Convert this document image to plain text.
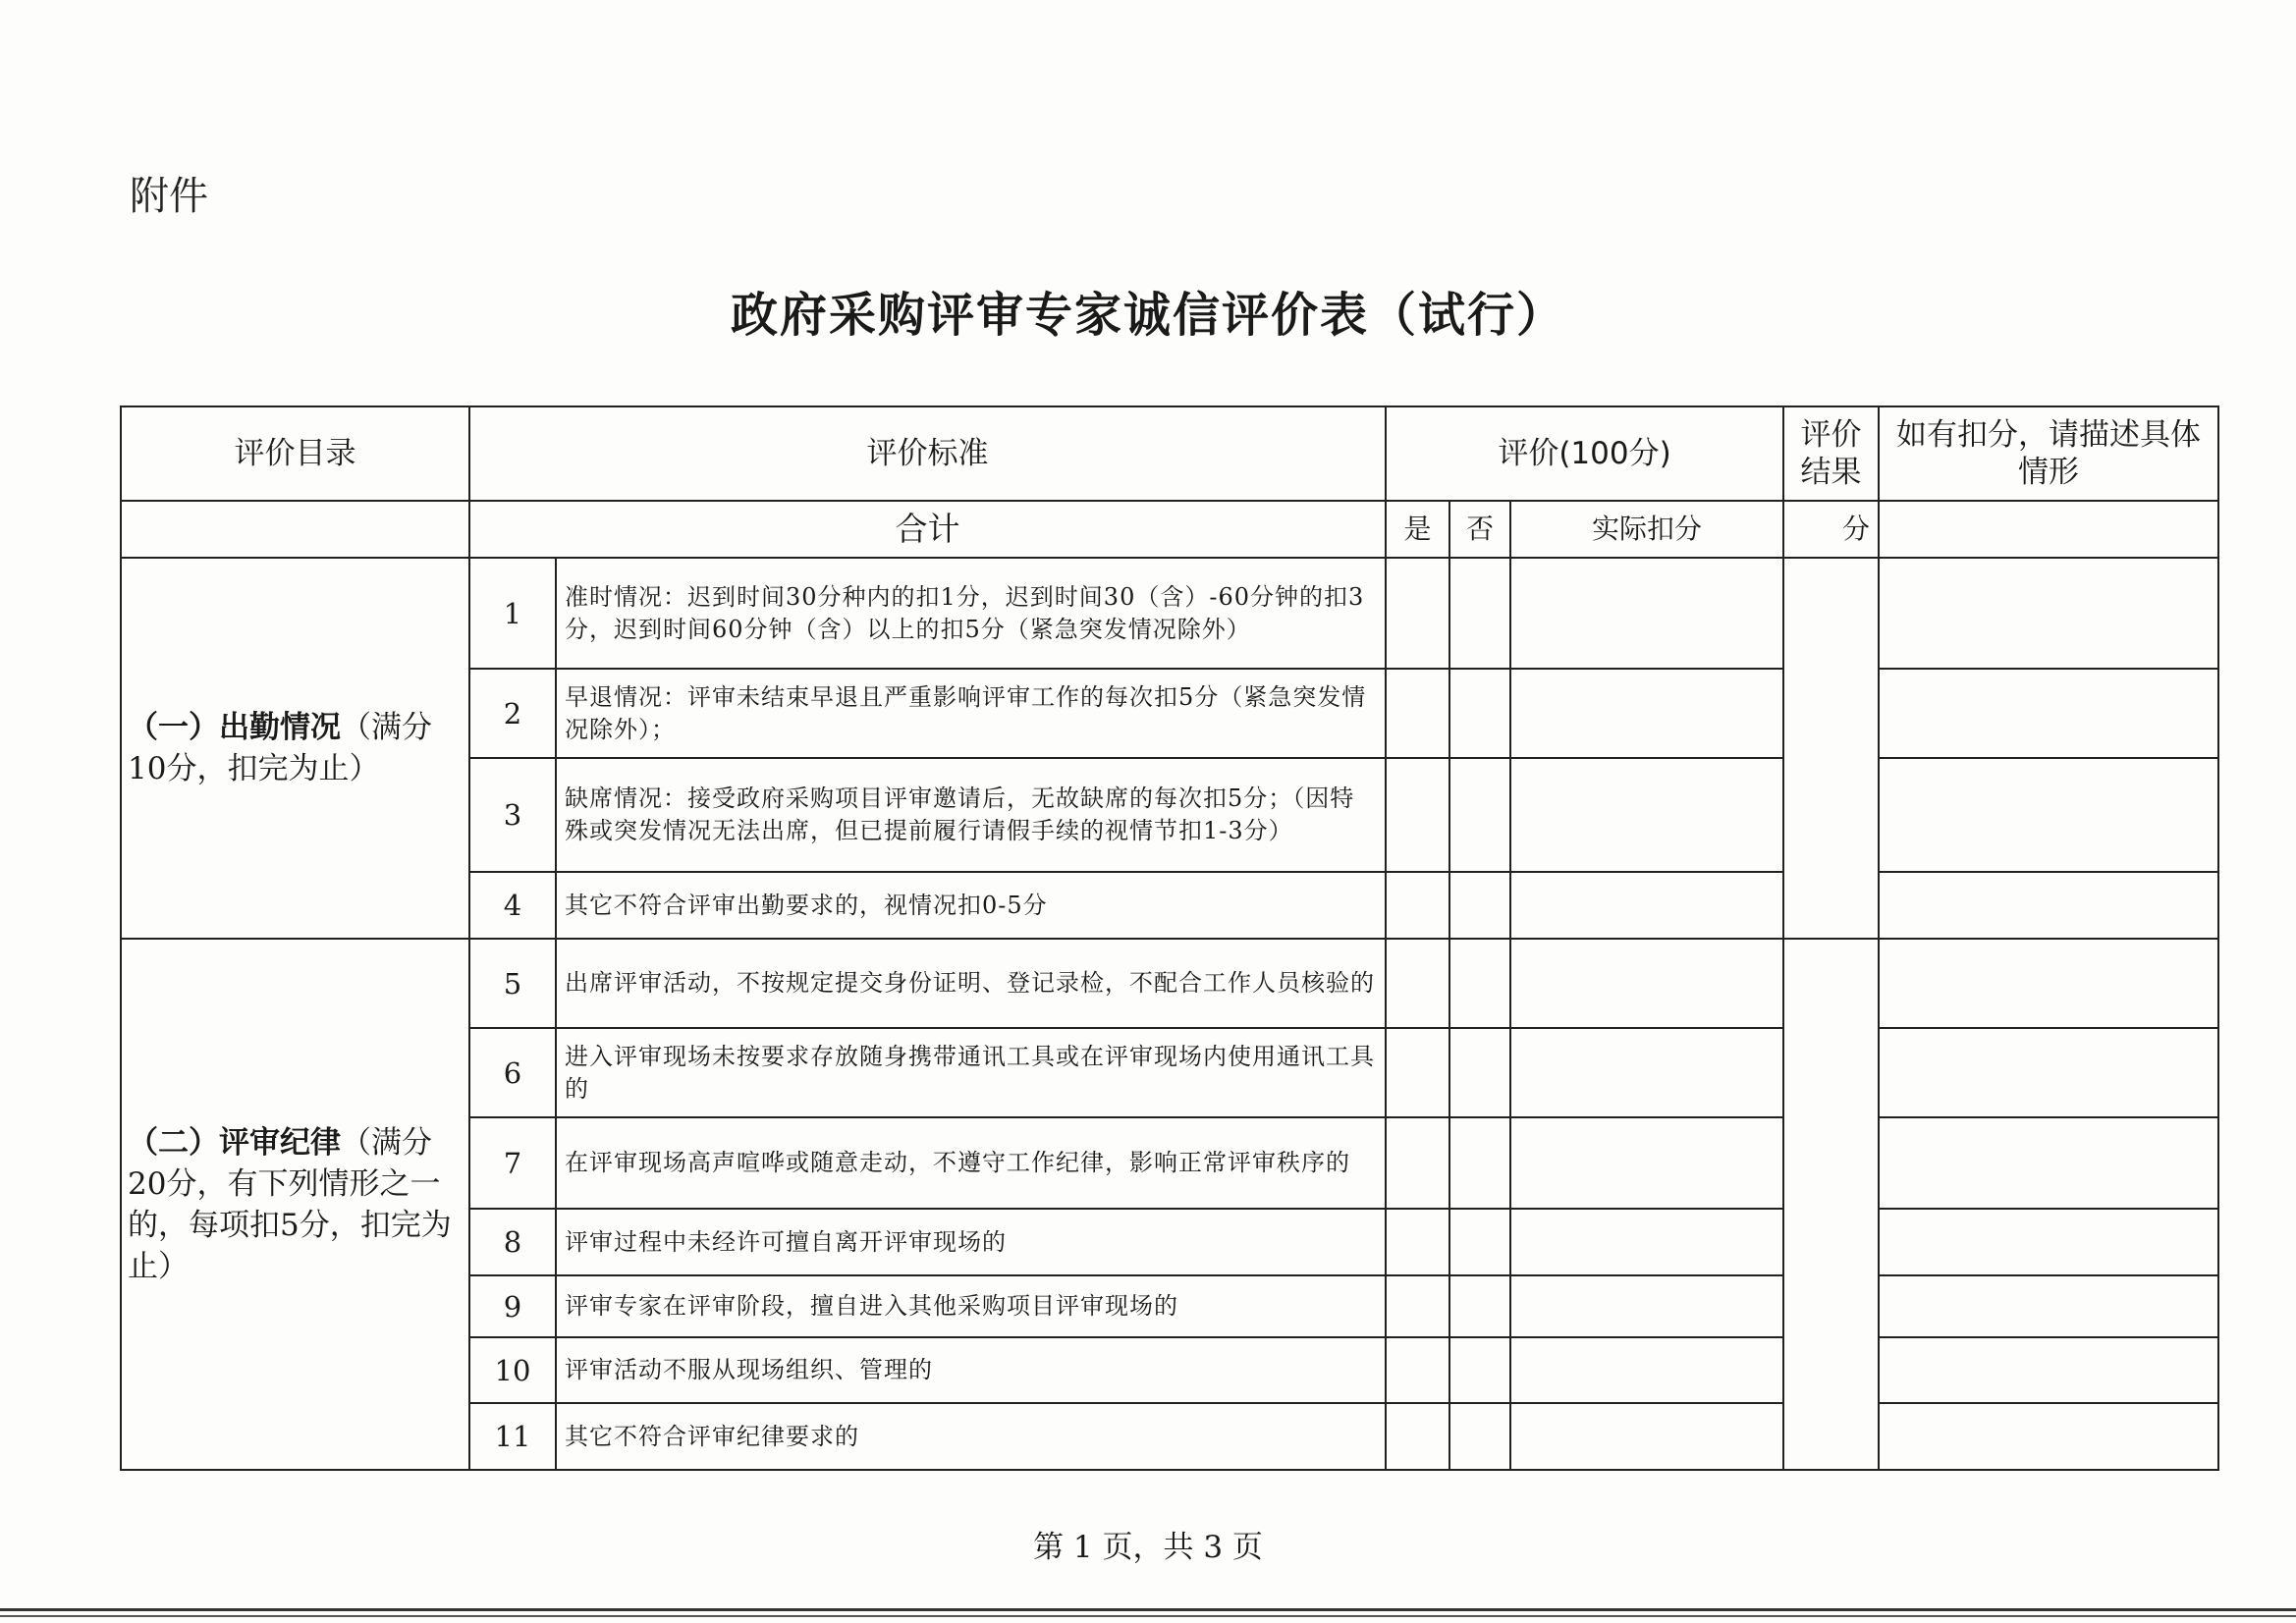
附件
政府采购评审专家诚信评价表（试行）
评价目录	评价标准		评价(100分)			评价结果	如有扣分，请描述具体情形
	合计		是	否	实际扣分	分	
（一）出勤情况（满分10分，扣完为止）	1	准时情况：迟到时间30分种内的扣1分，迟到时间30（含）-60分钟的扣3分，迟到时间60分钟（含）以上的扣5分（紧急突发情况除外）					
	2	早退情况：评审未结束早退且严重影响评审工作的每次扣5分（紧急突发情况除外）；					
	3	缺席情况：接受政府采购项目评审邀请后，无故缺席的每次扣5分；（因特殊或突发情况无法出席，但已提前履行请假手续的视情节扣1-3分）					
	4	其它不符合评审出勤要求的，视情况扣0-5分					
（二）评审纪律（满分20分，有下列情形之一的，每项扣5分，扣完为止）	5	出席评审活动，不按规定提交身份证明、登记录检，不配合工作人员核验的					
	6	进入评审现场未按要求存放随身携带通讯工具或在评审现场内使用通讯工具的					
	7	在评审现场高声喧哗或随意走动，不遵守工作纪律，影响正常评审秩序的					
	8	评审过程中未经许可擅自离开评审现场的					
	9	评审专家在评审阶段，擅自进入其他采购项目评审现场的					
	10	评审活动不服从现场组织、管理的					
	11	其它不符合评审纪律要求的					
第 1 页，共 3 页
